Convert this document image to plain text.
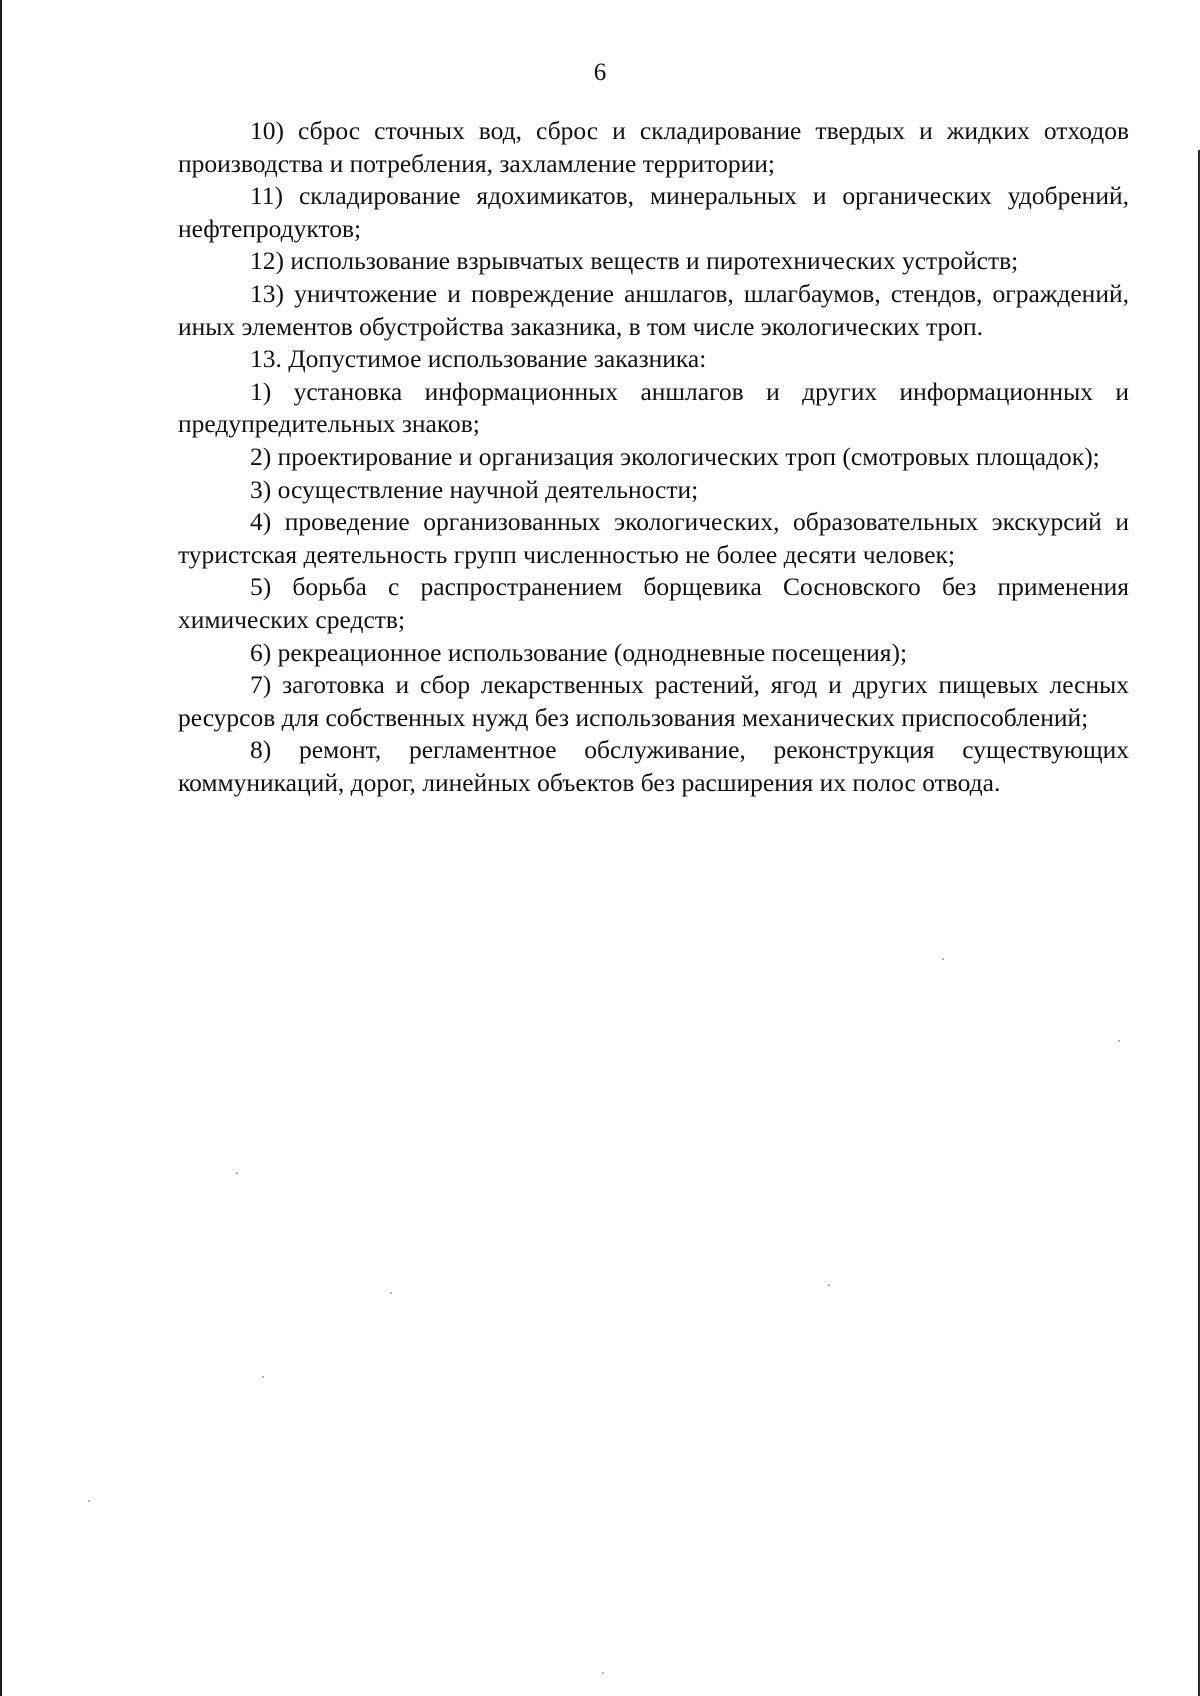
6

10) сброс сточных вод, сброс и складирование твердых и жидких отходов производства и потребления, захламление территории;

11) складирование ядохимикатов, минеральных и органических удобрений, нефтепродуктов;

12) использование взрывчатых веществ и пиротехнических устройств;

13) уничтожение и повреждение аншлагов, шлагбаумов, стендов, ограждений, иных элементов обустройства заказника, в том числе экологических троп.

13. Допустимое использование заказника:

1) установка информационных аншлагов и других информационных и предупредительных знаков;

2) проектирование и организация экологических троп (смотровых площадок);

3) осуществление научной деятельности;

4) проведение организованных экологических, образовательных экскурсий и туристская деятельность групп численностью не более десяти человек;

5) борьба с распространением борщевика Сосновского без применения химических средств;

6) рекреационное использование (однодневные посещения);

7) заготовка и сбор лекарственных растений, ягод и других пищевых лесных ресурсов для собственных нужд без использования механических приспособлений;

8) ремонт, регламентное обслуживание, реконструкция существующих коммуникаций, дорог, линейных объектов без расширения их полос отвода.
